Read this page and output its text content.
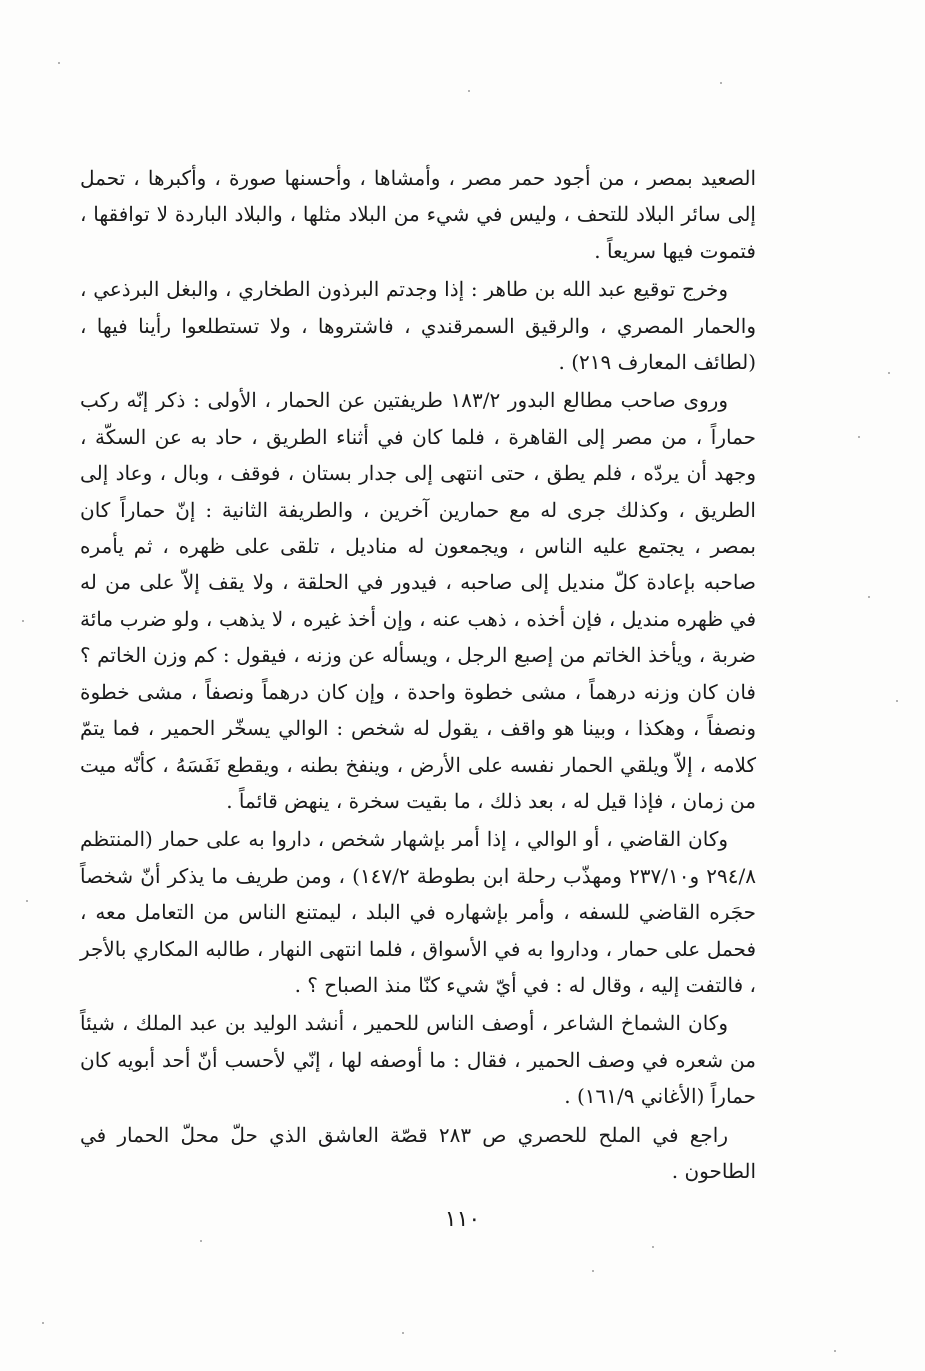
الصعيد بمصر ، من أجود حمر مصر ، وأمشاها ، وأحسنها صورة ، وأكبرها ، تحمل إلى سائر البلاد للتحف ، وليس في شيء من البلاد مثلها ، والبلاد الباردة لا توافقها ، فتموت فيها سريعاً .

وخرج توقيع عبد الله بن طاهر : إذا وجدتم البرذون الطخاري ، والبغل البرذعي ، والحمار المصري ، والرقيق السمرقندي ، فاشتروها ، ولا تستطلعوا رأينا فيها ، (لطائف المعارف ٢١٩) .

وروى صاحب مطالع البدور ١٨٣/٢ طريفتين عن الحمار ، الأولى : ذكر إنّه ركب حماراً ، من مصر إلى القاهرة ، فلما كان في أثناء الطريق ، حاد به عن السكّة ، وجهد أن يردّه ، فلم يطق ، حتى انتهى إلى جدار بستان ، فوقف ، وبال ، وعاد إلى الطريق ، وكذلك جرى له مع حمارين آخرين ، والطريفة الثانية : إنّ حماراً كان بمصر ، يجتمع عليه الناس ، ويجمعون له مناديل ، تلقى على ظهره ، ثم يأمره صاحبه بإعادة كلّ منديل إلى صاحبه ، فيدور في الحلقة ، ولا يقف إلاّ على من له في ظهره منديل ، فإن أخذه ، ذهب عنه ، وإن أخذ غيره ، لا يذهب ، ولو ضرب مائة ضربة ، ويأخذ الخاتم من إصبع الرجل ، ويسأله عن وزنه ، فيقول : كم وزن الخاتم ؟ فان كان وزنه درهماً ، مشى خطوة واحدة ، وإن كان درهماً ونصفاً ، مشى خطوة ونصفاً ، وهكذا ، وبينا هو واقف ، يقول له شخص : الوالي يسخّر الحمير ، فما يتمّ كلامه ، إلاّ ويلقي الحمار نفسه على الأرض ، وينفخ بطنه ، ويقطع نَفَسَهُ ، كأنّه ميت من زمان ، فإذا قيل له ، بعد ذلك ، ما بقيت سخرة ، ينهض قائماً .

وكان القاضي ، أو الوالي ، إذا أمر بإشهار شخص ، داروا به على حمار (المنتظم ٢٩٤/٨ و٢٣٧/١٠ ومهذّب رحلة ابن بطوطة ١٤٧/٢) ، ومن طريف ما يذكر أنّ شخصاً حجَره القاضي للسفه ، وأمر بإشهاره في البلد ، ليمتنع الناس من التعامل معه ، فحمل على حمار ، وداروا به في الأسواق ، فلما انتهى النهار ، طالبه المكاري بالأجر ، فالتفت إليه ، وقال له : في أيّ شيء كنّا منذ الصباح ؟ .

وكان الشماخ الشاعر ، أوصف الناس للحمير ، أنشد الوليد بن عبد الملك ، شيئاً من شعره في وصف الحمير ، فقال : ما أوصفه لها ، إنّي لأحسب أنّ أحد أبويه كان حماراً (الأغاني ١٦١/٩) .

راجع في الملح للحصري ص ٢٨٣ قصّة العاشق الذي حلّ محلّ الحمار في الطاحون .

١١٠
